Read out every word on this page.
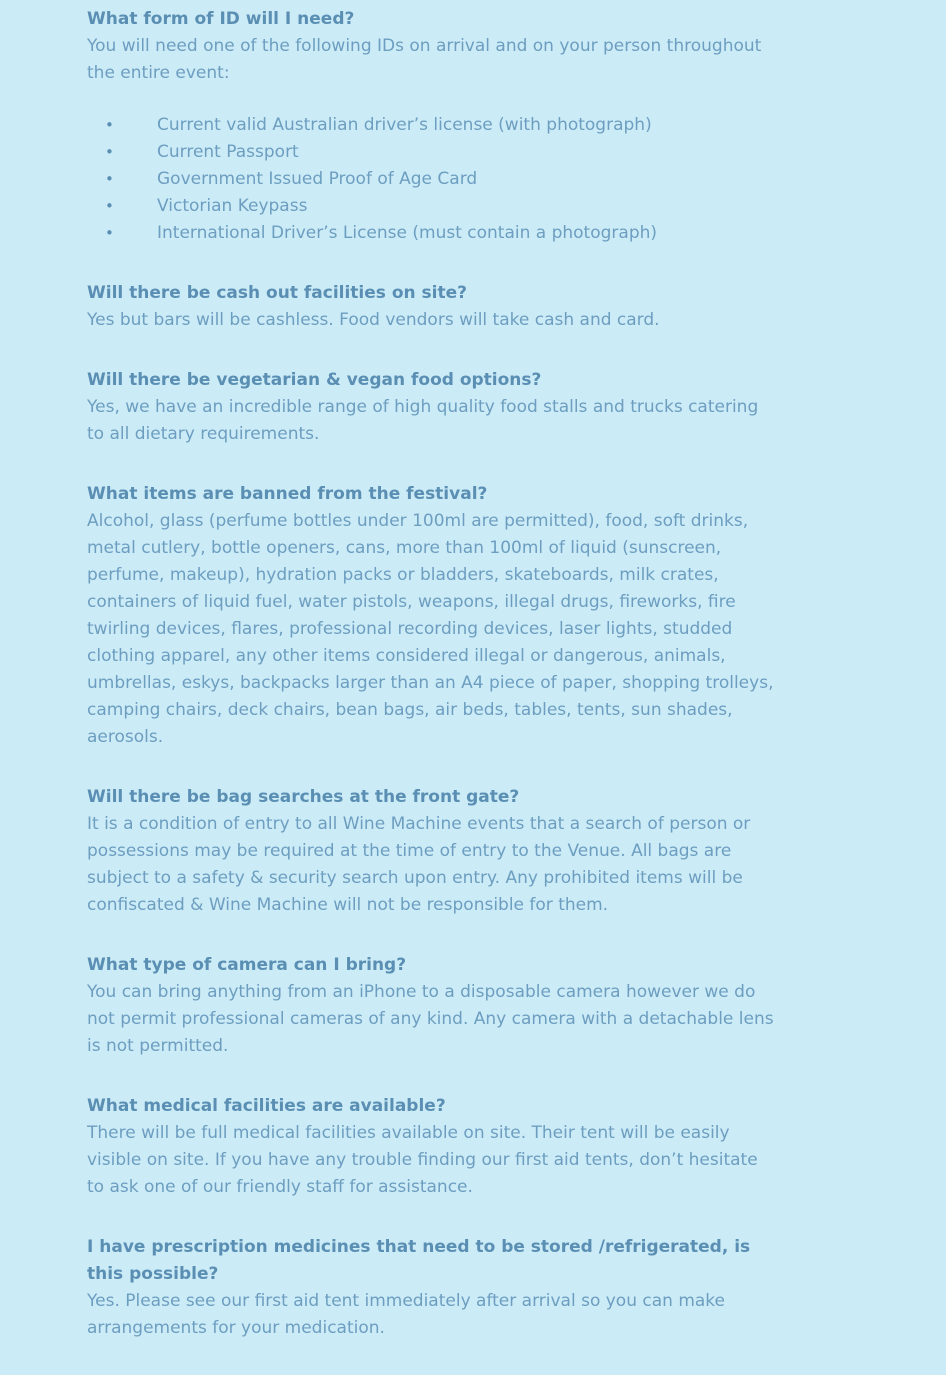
What form of ID will I need?

You will need one of the following IDs on arrival and on your person throughout the entire event:

•	Current valid Australian driver’s license (with photograph)
•	Current Passport
•	Government Issued Proof of Age Card
•	Victorian Keypass
•	International Driver’s License (must contain a photograph)

Will there be cash out facilities on site?

Yes but bars will be cashless. Food vendors will take cash and card.

Will there be vegetarian & vegan food options?

Yes, we have an incredible range of high quality food stalls and trucks catering to all dietary requirements.

What items are banned from the festival?

Alcohol, glass (perfume bottles under 100ml are permitted), food, soft drinks, metal cutlery, bottle openers, cans, more than 100ml of liquid (sunscreen, perfume, makeup), hydration packs or bladders, skateboards, milk crates, containers of liquid fuel, water pistols, weapons, illegal drugs, fireworks, fire twirling devices, flares, professional recording devices, laser lights, studded clothing apparel, any other items considered illegal or dangerous, animals, umbrellas, eskys, backpacks larger than an A4 piece of paper, shopping trolleys, camping chairs, deck chairs, bean bags, air beds, tables, tents, sun shades, aerosols.

Will there be bag searches at the front gate?

It is a condition of entry to all Wine Machine events that a search of person or possessions may be required at the time of entry to the Venue. All bags are subject to a safety & security search upon entry. Any prohibited items will be confiscated & Wine Machine will not be responsible for them.

What type of camera can I bring?

You can bring anything from an iPhone to a disposable camera however we do not permit professional cameras of any kind. Any camera with a detachable lens is not permitted.

What medical facilities are available?

There will be full medical facilities available on site. Their tent will be easily visible on site. If you have any trouble finding our first aid tents, don’t hesitate to ask one of our friendly staff for assistance.

I have prescription medicines that need to be stored /refrigerated, is this possible?

Yes. Please see our first aid tent immediately after arrival so you can make arrangements for your medication.
